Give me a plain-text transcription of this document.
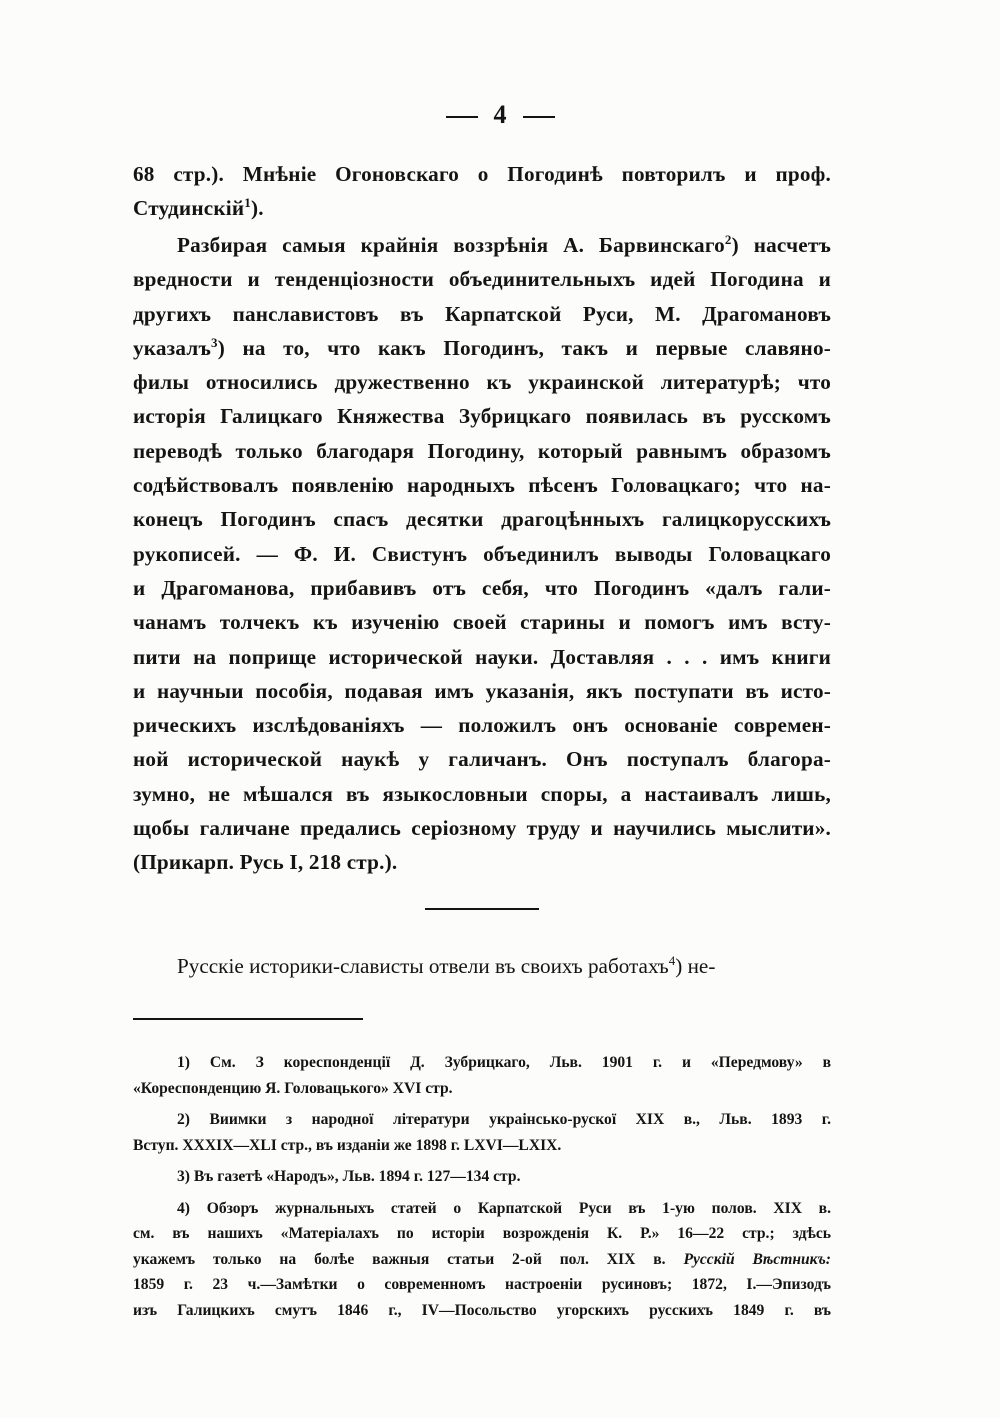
4
68 стр.). Мнѣніе Огоновскаго о Погодинѣ повторилъ и проф.
Студинскій$^1$).
Разбирая самыя крайнія воззрѣнія А. Барвинскаго$^2$) насчетъ
вредности и тенденціозности объединительныхъ идей Погодина и
другихъ панславистовъ въ Карпатской Руси, М. Драгомановъ
указалъ$^3$) на то, что какъ Погодинъ, такъ и первые славяно-
филы относились дружественно къ украинской литературѣ; что
исторія Галицкаго Княжества Зубрицкаго появилась въ русскомъ
переводѣ только благодаря Погодину, который равнымъ образомъ
содѣйствовалъ появленію народныхъ пѣсенъ Головацкаго; что на-
конецъ Погодинъ спасъ десятки драгоцѣнныхъ галицкорусскихъ
рукописей. — Ф. И. Свистунъ объединилъ выводы Головацкаго
и Драгоманова, прибавивъ отъ себя, что Погодинъ «далъ гали-
чанамъ толчекъ къ изученію своей старины и помогъ имъ всту-
пити на поприще исторической науки. Доставляя . . . имъ книги
и научныи пособія, подавая имъ указанія, якъ поступати въ исто-
рическихъ изслѣдованіяхъ — положилъ онъ основаніе современ-
ной исторической наукѣ у галичанъ. Онъ поступалъ благора-
зумно, не мѣшался въ языкословныи споры, а настаивалъ лишь,
щобы галичане предались серіозному труду и научились мыслити».
(Прикарп. Русь I, 218 стр.).
Русскіе историки-слависты отвели въ своихъ работахъ$^4$) не-
1) См. З кореспонденції Д. Зубрицкаго, Льв. 1901 г. и «Передмову» в
«Кореспонденцию Я. Головацького» XVI стр.
2) Виимки з народної літератури украінсько-рускої XIX в., Льв. 1893 г.
Вступ. XXXIX—XLI стр., въ изданіи же 1898 г. LXVI—LXIX.
3) Въ газетѣ «Народъ», Льв. 1894 г. 127—134 стр.
4) Обзоръ журнальныхъ статей о Карпатской Руси въ 1-ую полов. XIX в.
см. въ нашихъ «Матеріалахъ по исторіи возрожденія К. Р.» 16—22 стр.; здѣсь
укажемъ только на болѣе важныя статьи 2-ой пол. XIX в. Русскій Вѣстникъ:
1859 г. 23 ч.—Замѣтки о современномъ настроеніи русиновъ; 1872, I.—Эпизодъ
изъ Галицкихъ смутъ 1846 г., IV—Посольство угорскихъ русскихъ 1849 г. въ
